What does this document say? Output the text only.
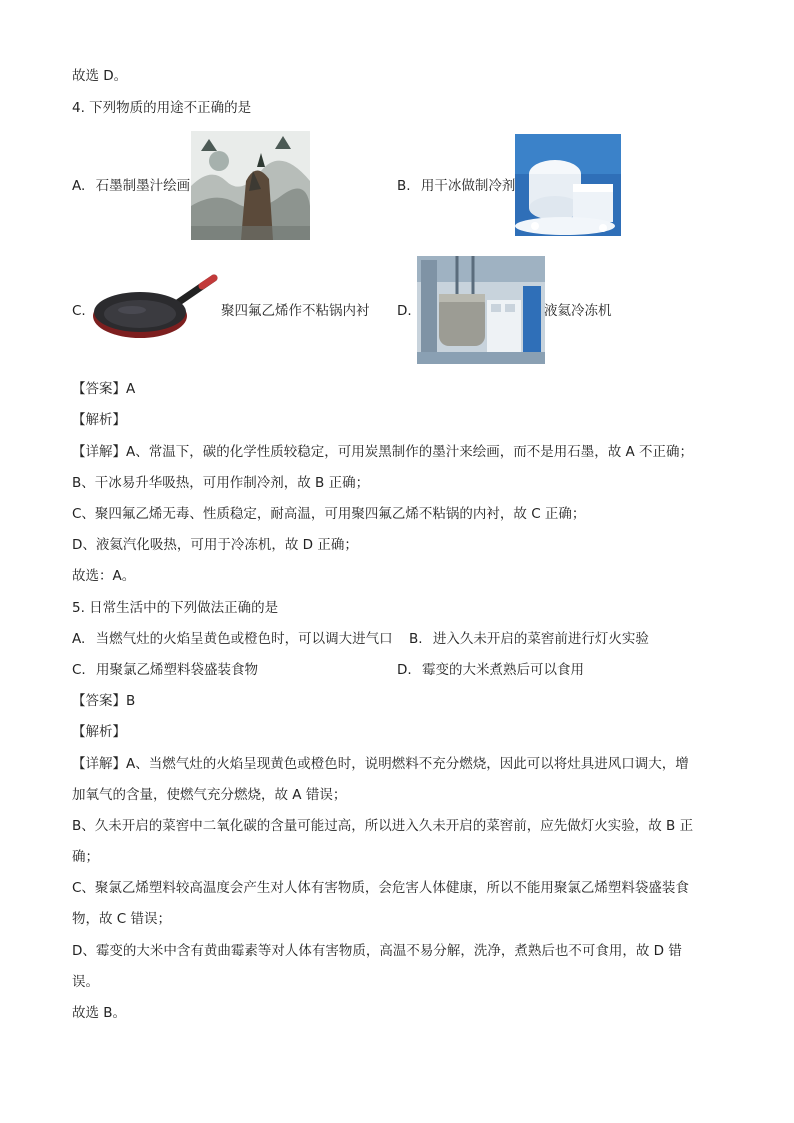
故选 D。
4. 下列物质的用途不正确的是
A. 石墨制墨汁绘画	B. 用干冰做制冷剂
C.	聚四氟乙烯作不粘锅内衬 D.	液氦冷冻机
【答案】A
【解析】
【详解】A、常温下，碳的化学性质较稳定，可用炭黑制作的墨汁来绘画，而不是用石墨，故 A 不正确；
B、干冰易升华吸热，可用作制冷剂，故 B 正确；
C、聚四氟乙烯无毒、性质稳定，耐高温，可用聚四氟乙烯不粘锅的内衬，故 C 正确；
D、液氦汽化吸热，可用于冷冻机，故 D 正确；
故选：A。
5. 日常生活中的下列做法正确的是
A. 当燃气灶的火焰呈黄色或橙色时，可以调大进气口 B. 进入久未开启的菜窖前进行灯火实验
C. 用聚氯乙烯塑料袋盛装食物	D. 霉变的大米煮熟后可以食用
【答案】B
【解析】
【详解】A、当燃气灶的火焰呈现黄色或橙色时，说明燃料不充分燃烧，因此可以将灶具进风口调大，增
加氧气的含量，使燃气充分燃烧，故 A 错误；
B、久未开启的菜窖中二氧化碳的含量可能过高，所以进入久未开启的菜窖前，应先做灯火实验，故 B 正
确；
C、聚氯乙烯塑料较高温度会产生对人体有害物质，会危害人体健康，所以不能用聚氯乙烯塑料袋盛装食
物，故 C 错误；
D、霉变的大米中含有黄曲霉素等对人体有害物质，高温不易分解，洗净，煮熟后也不可食用，故 D 错
误。
故选 B。
